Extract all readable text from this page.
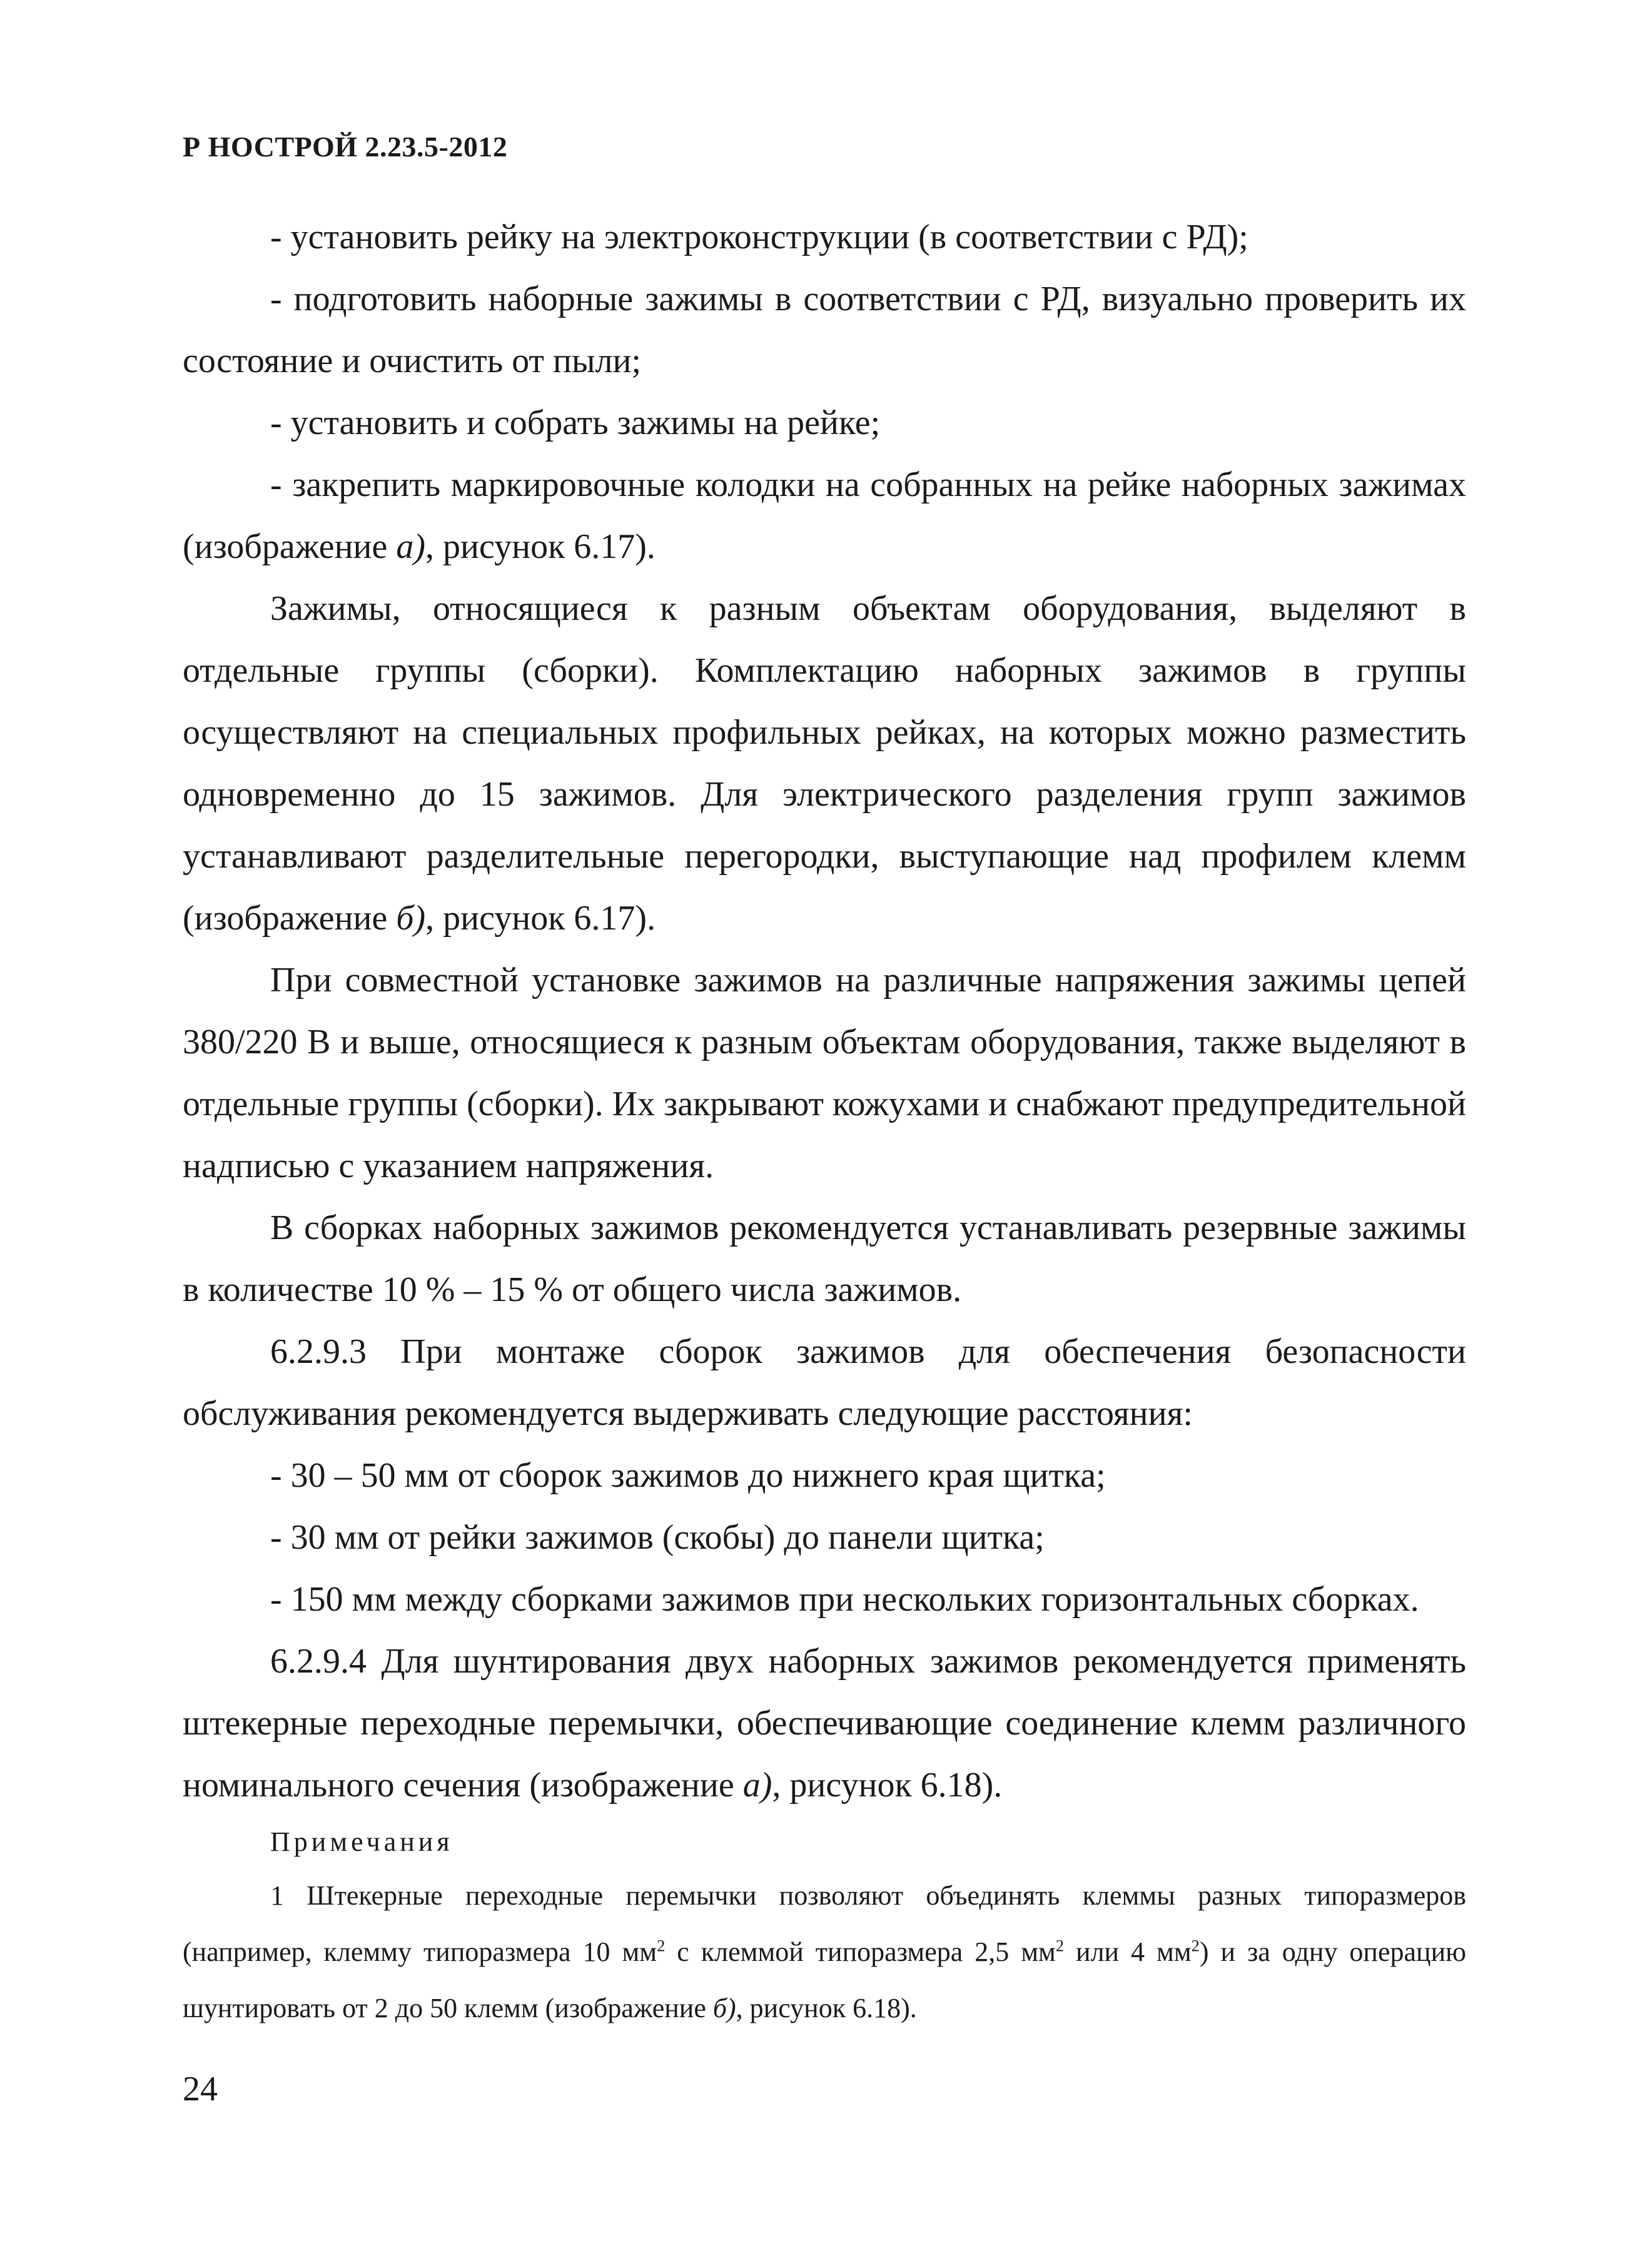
Р НОСТРОЙ 2.23.5-2012

- установить рейку на электроконструкции (в соответствии с РД);

- подготовить наборные зажимы в соответствии с РД, визуально проверить их состояние и очистить от пыли;

- установить и собрать зажимы на рейке;

- закрепить маркировочные колодки на собранных на рейке наборных зажимах (изображение а), рисунок 6.17).

Зажимы, относящиеся к разным объектам оборудования, выделяют в отдельные группы (сборки). Комплектацию наборных зажимов в группы осуществляют на специальных профильных рейках, на которых можно разместить одновременно до 15 зажимов. Для электрического разделения групп зажимов устанавливают разделительные перегородки, выступающие над профилем клемм (изображение б), рисунок 6.17).

При совместной установке зажимов на различные напряжения зажимы цепей 380/220 В и выше, относящиеся к разным объектам оборудования, также выделяют в отдельные группы (сборки). Их закрывают кожухами и снабжают предупредительной надписью с указанием напряжения.

В сборках наборных зажимов рекомендуется устанавливать резервные зажимы в количестве 10 % – 15 % от общего числа зажимов.

6.2.9.3 При монтаже сборок зажимов для обеспечения безопасности обслуживания рекомендуется выдерживать следующие расстояния:

- 30 – 50 мм от сборок зажимов до нижнего края щитка;

- 30 мм от рейки зажимов (скобы) до панели щитка;

- 150 мм между сборками зажимов при нескольких горизонтальных сборках.

6.2.9.4 Для шунтирования двух наборных зажимов рекомендуется применять штекерные переходные перемычки, обеспечивающие соединение клемм различного номинального сечения (изображение а), рисунок 6.18).

Примечания

1 Штекерные переходные перемычки позволяют объединять клеммы разных типоразмеров (например, клемму типоразмера 10 $мм^2$ с клеммой типоразмера 2,5 $мм^2$ или 4 $мм^2$) и за одну операцию шунтировать от 2 до 50 клемм (изображение б), рисунок 6.18).

24
